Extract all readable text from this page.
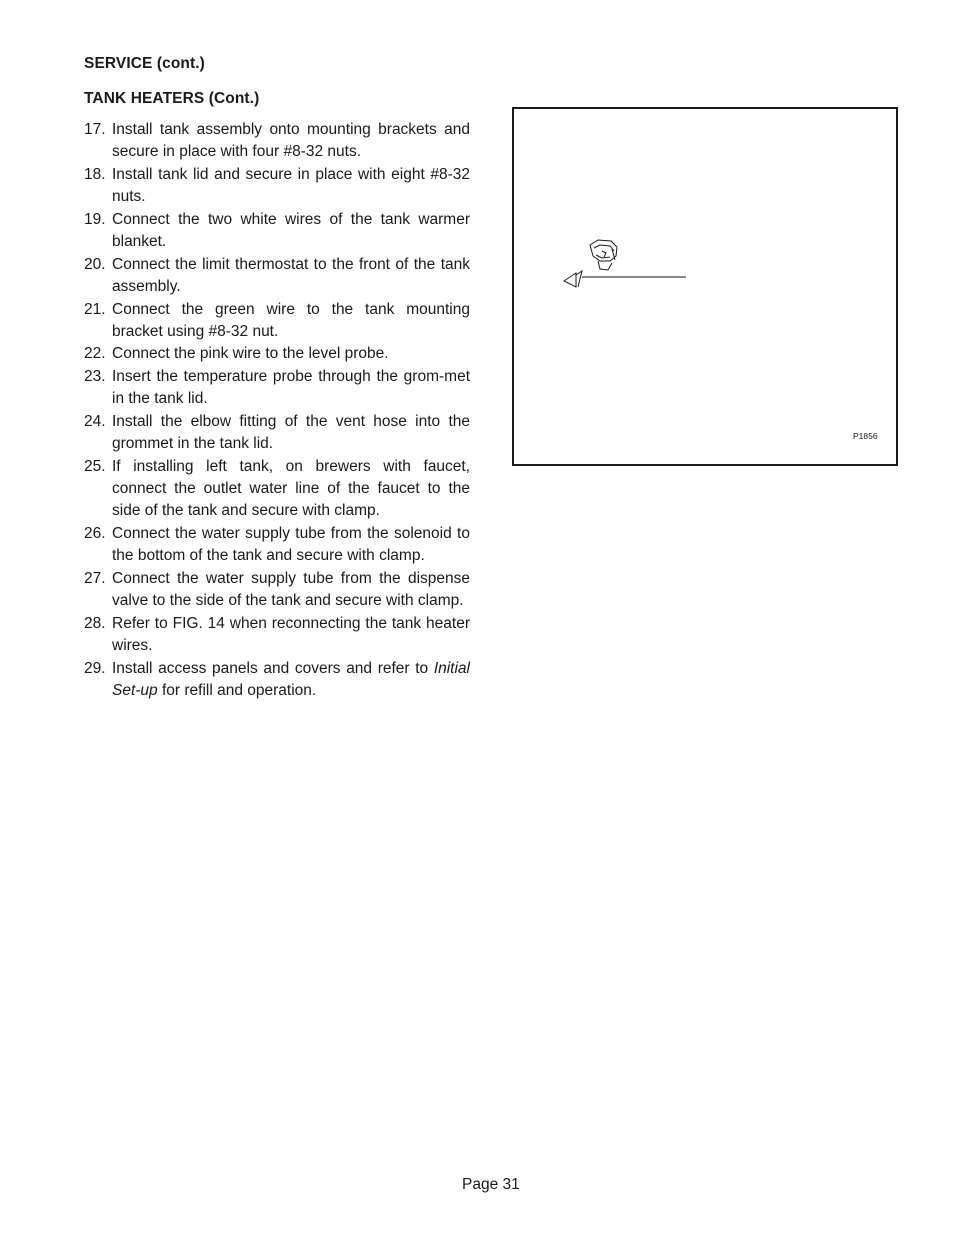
SERVICE (cont.)
TANK HEATERS (Cont.)
17. Install tank assembly onto mounting brackets and secure in place with four #8-32 nuts.
18. Install tank lid and secure in place with eight #8-32 nuts.
19. Connect the two white wires of the tank warmer blanket.
20. Connect the limit thermostat to the front of the tank assembly.
21. Connect the green wire to the tank mounting bracket using #8-32 nut.
22. Connect the pink wire to the level probe.
23. Insert the temperature probe through the grom-met in the tank lid.
24. Install the elbow fitting of the vent hose into the grommet in the tank lid.
25. If installing left tank, on brewers with faucet, connect the outlet water line of the faucet to the side of the tank and secure with clamp.
26. Connect the water supply tube from the solenoid to the bottom of the tank and secure with clamp.
27. Connect the water supply tube from the dispense valve to the side of the tank and secure with clamp.
28. Refer to FIG. 14 when reconnecting the tank heater wires.
29. Install access panels and covers and refer to Initial Set-up for refill and operation.
P1856
Page 31
